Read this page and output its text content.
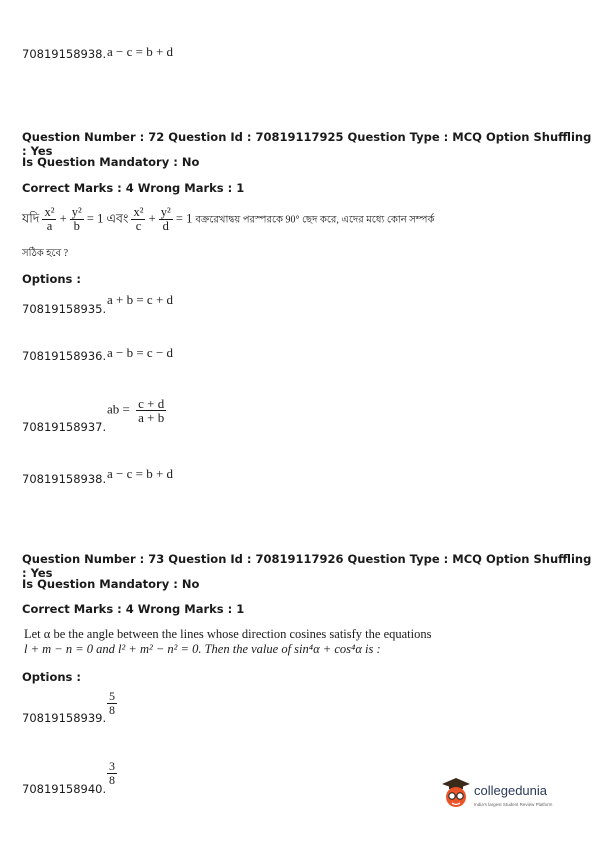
70819158938. a − c = b + d
Question Number : 72 Question Id : 70819117925 Question Type : MCQ Option Shuffling : Yes
Is Question Mandatory : No
Correct Marks : 4 Wrong Marks : 1
যদি $\frac{\text{x²}}{a} + \frac{\text{y²}}{b} = 1$ এবং $\frac{\text{x²}}{c} + \frac{\text{y²}}{d} = 1$ বক্ররেখাদ্বয় পরস্পরকে 90° ছেদ করে, এদের মধ্যে কোন সম্পর্ক
সঠিক হবে ?
Options :
70819158935.
a + b = c + d
70819158936. a − b = c − d
ab = $\frac{c + d}{a + b}$
70819158937.
70819158938. a − c = b + d
Question Number : 73 Question Id : 70819117926 Question Type : MCQ Option Shuffling : Yes
Is Question Mandatory : No
Correct Marks : 4 Wrong Marks : 1
Let α be the angle between the lines whose direction cosines satisfy the equations
l + m − n = 0 and l² + m² − n² = 0. Then the value of sin⁴α + cos⁴α is :
Options :
$\frac{5}{8}$
70819158939.
$\frac{3}{8}$
70819158940.	collegedunia
India's largest Student Review Platform
